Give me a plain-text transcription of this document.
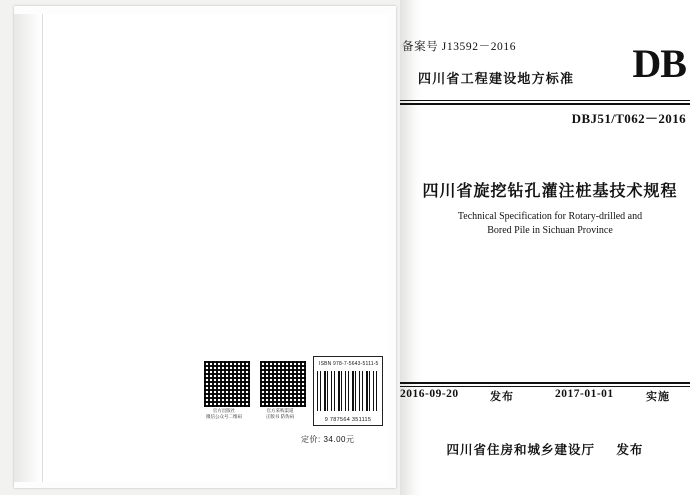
官方出版社
微信公众号二维码
官方采购渠道
正版书 防伪码
ISBN 978-7-5643-5111-5
9 787564 351115
定价: 34.00元
备案号 J13592－2016
四川省工程建设地方标准 DB
DBJ51/T062－2016
四川省旋挖钻孔灌注桩基技术规程
Technical Specification for Rotary-drilled and
Bored Pile in Sichuan Province
2016-09-20	发布	2017-01-01	实施
四川省住房和城乡建设厅 发布
